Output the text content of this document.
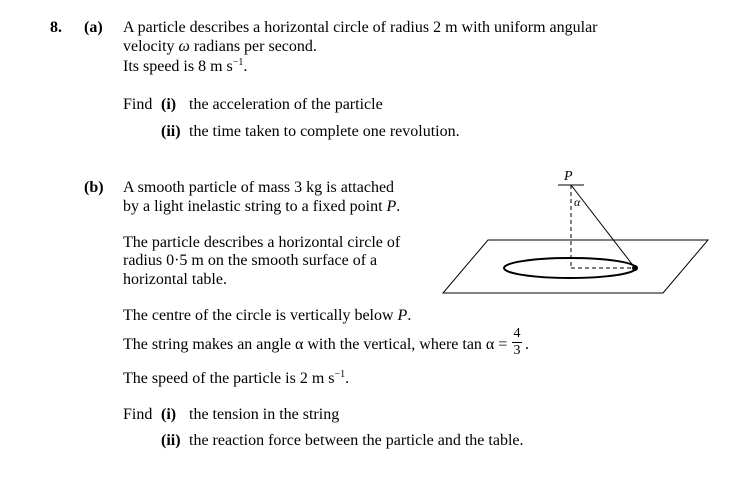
8. (a) A particle describes a horizontal circle of radius 2 m with uniform angular
velocity ω radians per second.
Its speed is 8 m $s^{-1}$.
Find (i) the acceleration of the particle
(ii) the time taken to complete one revolution.
(b) A smooth particle of mass 3 kg is attached
by a light inelastic string to a fixed point P.
The particle describes a horizontal circle of
radius 0·5 m on the smooth surface of a
horizontal table.
The centre of the circle is vertically below P.
The string makes an angle α with the vertical, where tan α =
4
3 .
The speed of the particle is 2 m $s^{-1}$.
Find (i) the tension in the string
(ii) the reaction force between the particle and the table.
P
α
